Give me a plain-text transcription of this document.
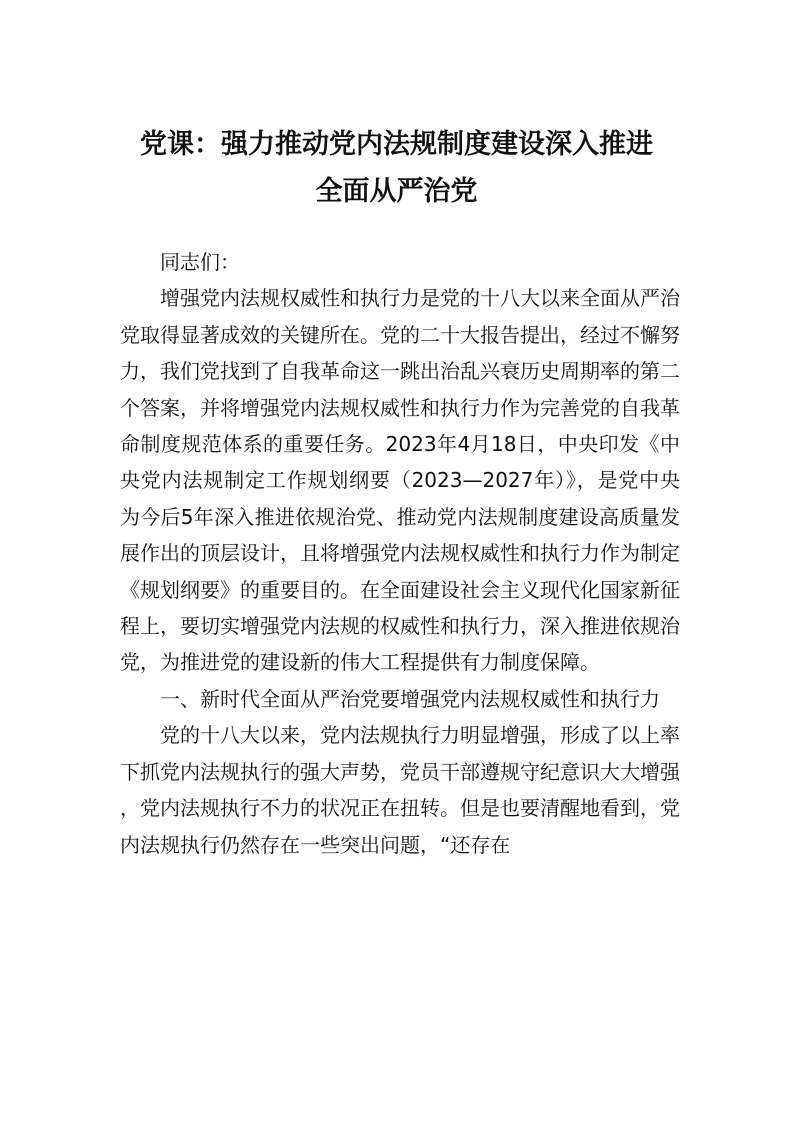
党课：强力推动党内法规制度建设深入推进
全面从严治党

同志们：

增强党内法规权威性和执行力是党的十八大以来全面从严治党取得显著成效的关键所在。党的二十大报告提出，经过不懈努力，我们党找到了自我革命这一跳出治乱兴衰历史周期率的第二个答案，并将增强党内法规权威性和执行力作为完善党的自我革命制度规范体系的重要任务。2023年4月18日，中央印发《中央党内法规制定工作规划纲要（2023—2027年）》，是党中央为今后5年深入推进依规治党、推动党内法规制度建设高质量发展作出的顶层设计，且将增强党内法规权威性和执行力作为制定《规划纲要》的重要目的。在全面建设社会主义现代化国家新征程上，要切实增强党内法规的权威性和执行力，深入推进依规治党，为推进党的建设新的伟大工程提供有力制度保障。

一、新时代全面从严治党要增强党内法规权威性和执行力

党的十八大以来，党内法规执行力明显增强，形成了以上率下抓党内法规执行的强大声势，党员干部遵规守纪意识大大增强，党内法规执行不力的状况正在扭转。但是也要清醒地看到，党内法规执行仍然存在一些突出问题，“还存在
